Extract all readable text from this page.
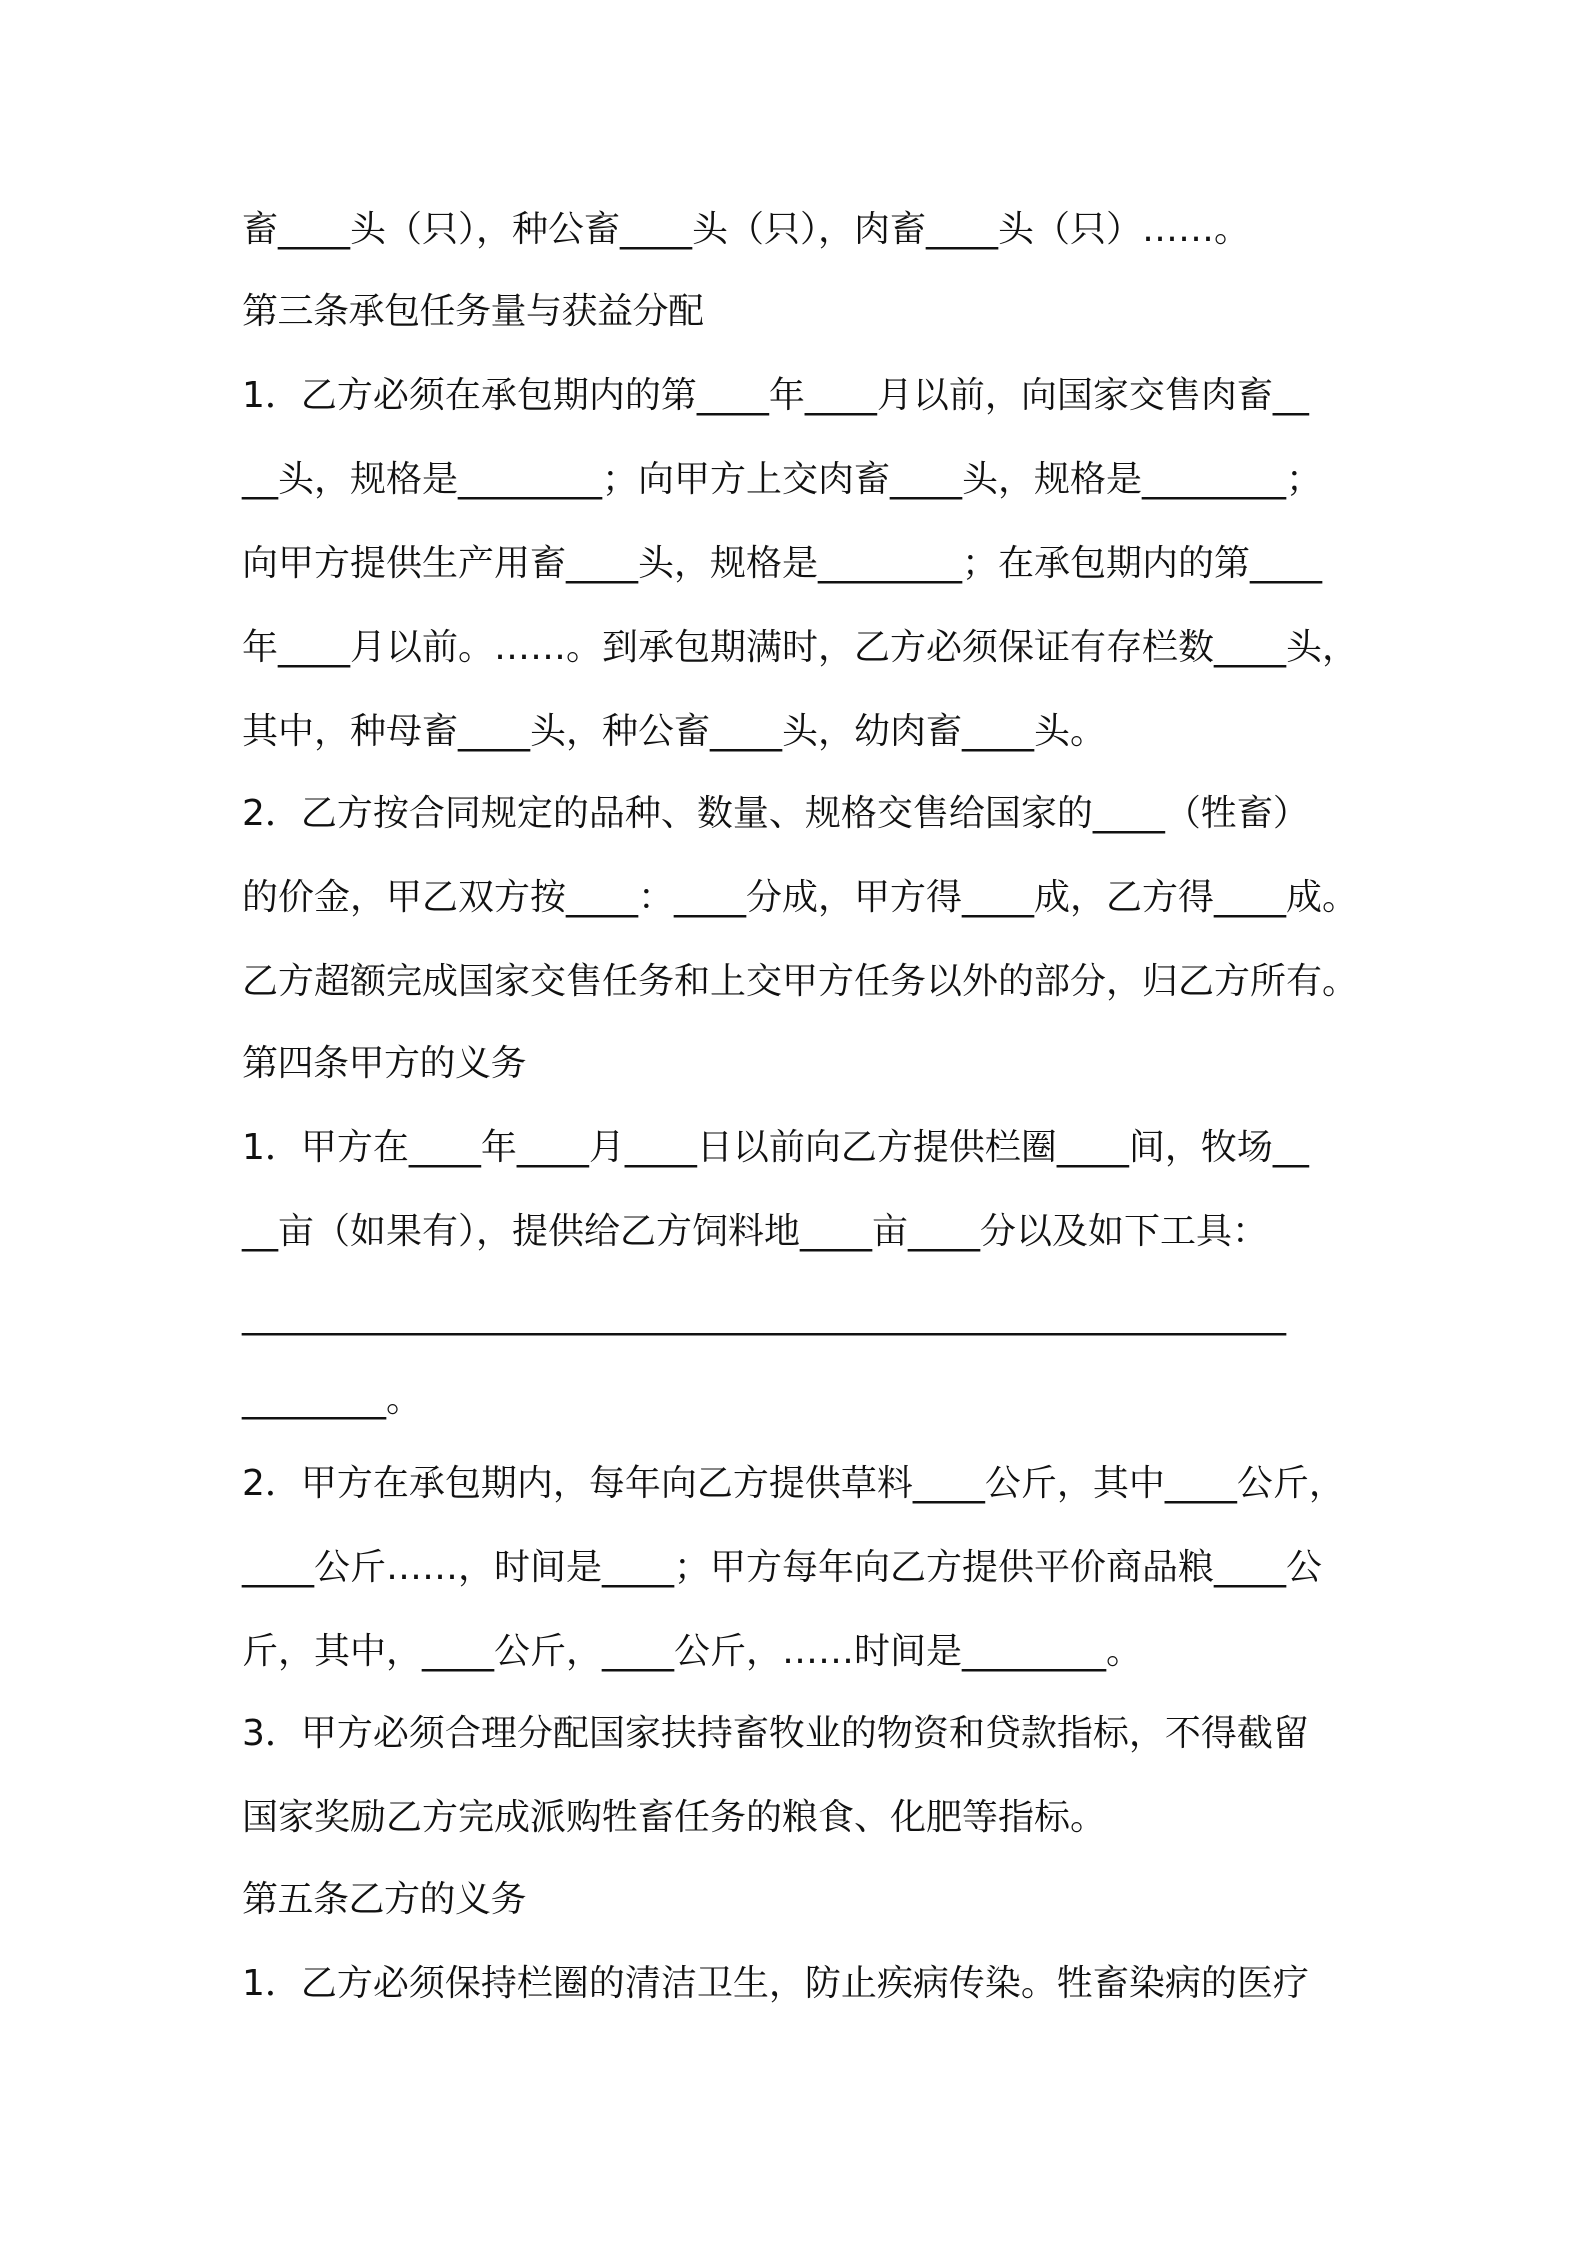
畜____头（只），种公畜____头（只），肉畜____头（只）……。
第三条承包任务量与获益分配
1．乙方必须在承包期内的第____年____月以前，向国家交售肉畜__
__头，规格是________；向甲方上交肉畜____头，规格是________；
向甲方提供生产用畜____头，规格是________；在承包期内的第____
年____月以前。……。到承包期满时，乙方必须保证有存栏数____头，
其中，种母畜____头，种公畜____头，幼肉畜____头。
2．乙方按合同规定的品种、数量、规格交售给国家的____（牲畜）
的价金，甲乙双方按____：____分成，甲方得____成，乙方得____成。
乙方超额完成国家交售任务和上交甲方任务以外的部分，归乙方所有。
第四条甲方的义务
1．甲方在____年____月____日以前向乙方提供栏圈____间，牧场__
__亩（如果有），提供给乙方饲料地____亩____分以及如下工具：
__________________________________________________________
________。
2．甲方在承包期内，每年向乙方提供草料____公斤，其中____公斤，
____公斤……，时间是____；甲方每年向乙方提供平价商品粮____公
斤，其中，____公斤，____公斤，……时间是________。
3．甲方必须合理分配国家扶持畜牧业的物资和贷款指标，不得截留
国家奖励乙方完成派购牲畜任务的粮食、化肥等指标。
第五条乙方的义务
1．乙方必须保持栏圈的清洁卫生，防止疾病传染。牲畜染病的医疗
